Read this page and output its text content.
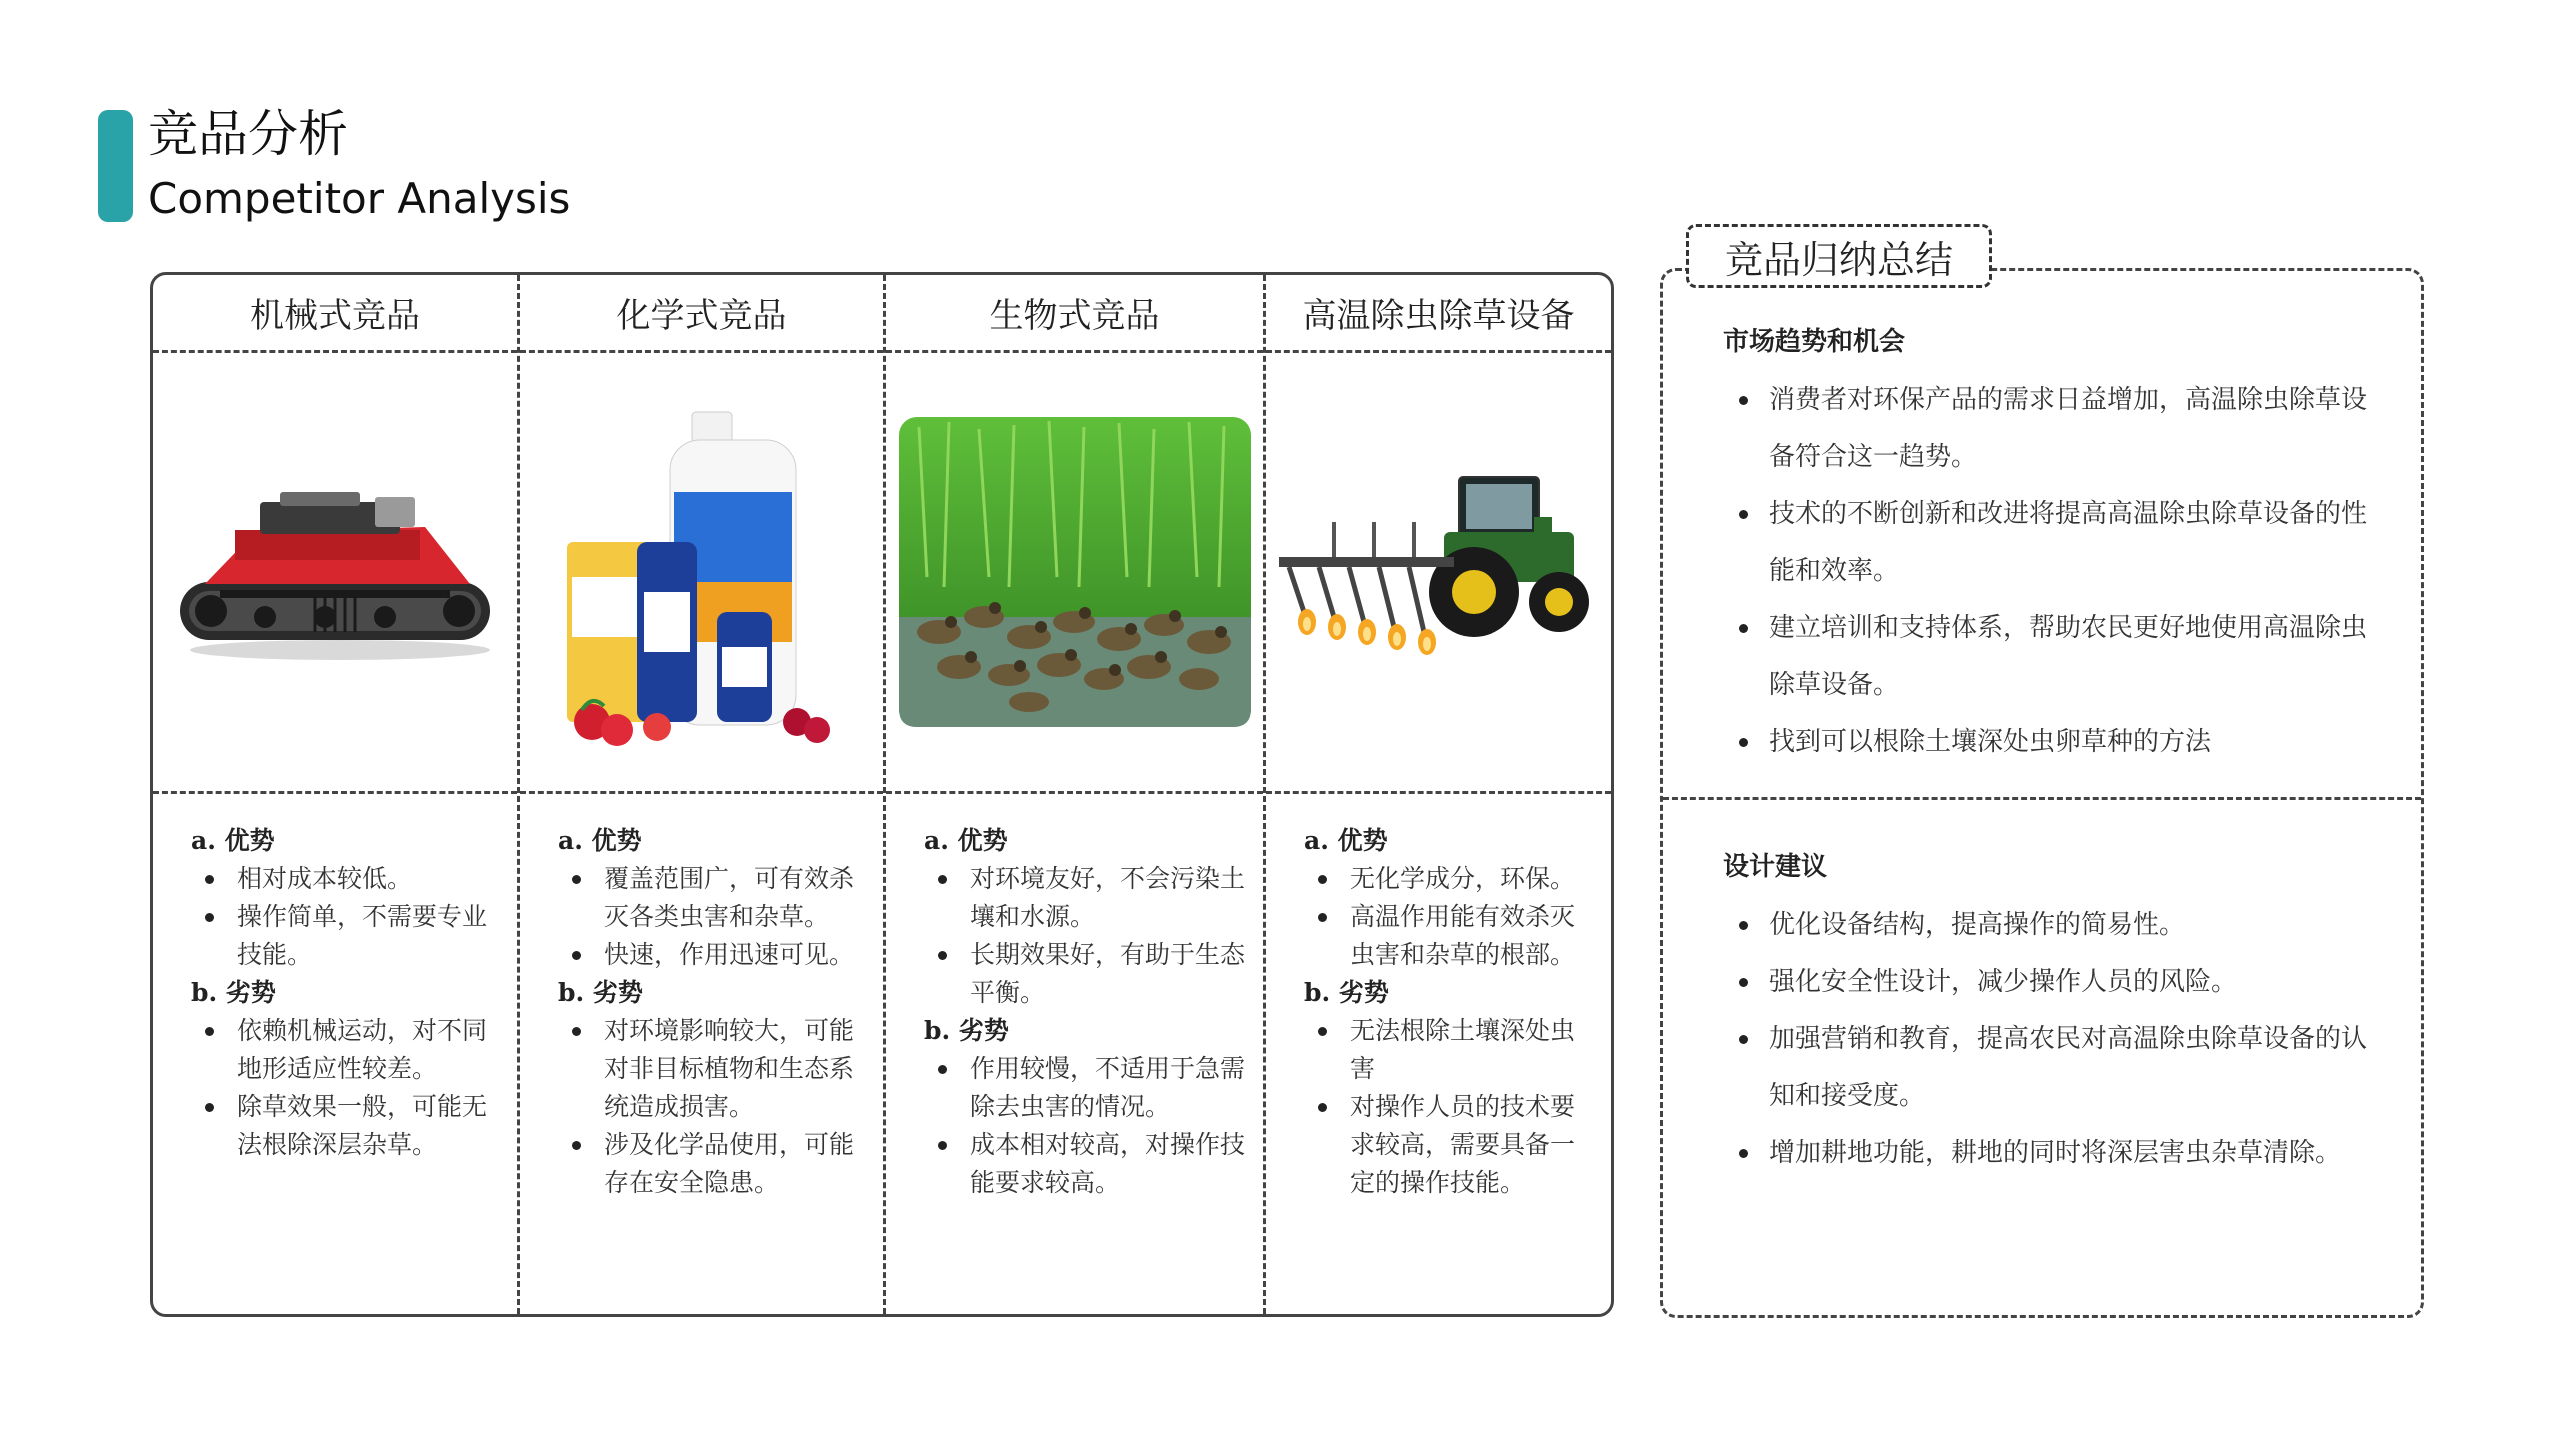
竞品分析
Competitor Analysis
机械式竞品
a. 优势
相对成本较低。
操作简单，不需要专业技能。
b. 劣势
依赖机械运动，对不同地形适应性较差。
除草效果一般，可能无法根除深层杂草。
化学式竞品
a. 优势
覆盖范围广，可有效杀灭各类虫害和杂草。
快速，作用迅速可见。
b. 劣势
对环境影响较大，可能对非目标植物和生态系统造成损害。
涉及化学品使用，可能存在安全隐患。
生物式竞品
a. 优势
对环境友好，不会污染土壤和水源。
长期效果好，有助于生态平衡。
b. 劣势
作用较慢，不适用于急需除去虫害的情况。
成本相对较高，对操作技能要求较高。
高温除虫除草设备
a. 优势
无化学成分，环保。
高温作用能有效杀灭虫害和杂草的根部。
b. 劣势
无法根除土壤深处虫害
对操作人员的技术要求较高，需要具备一定的操作技能。
竞品归纳总结
市场趋势和机会
消费者对环保产品的需求日益增加，高温除虫除草设备符合这一趋势。
技术的不断创新和改进将提高高温除虫除草设备的性能和效率。
建立培训和支持体系，帮助农民更好地使用高温除虫除草设备。
找到可以根除土壤深处虫卵草种的方法
设计建议
优化设备结构，提高操作的简易性。
强化安全性设计，减少操作人员的风险。
加强营销和教育，提高农民对高温除虫除草设备的认知和接受度。
增加耕地功能，耕地的同时将深层害虫杂草清除。
